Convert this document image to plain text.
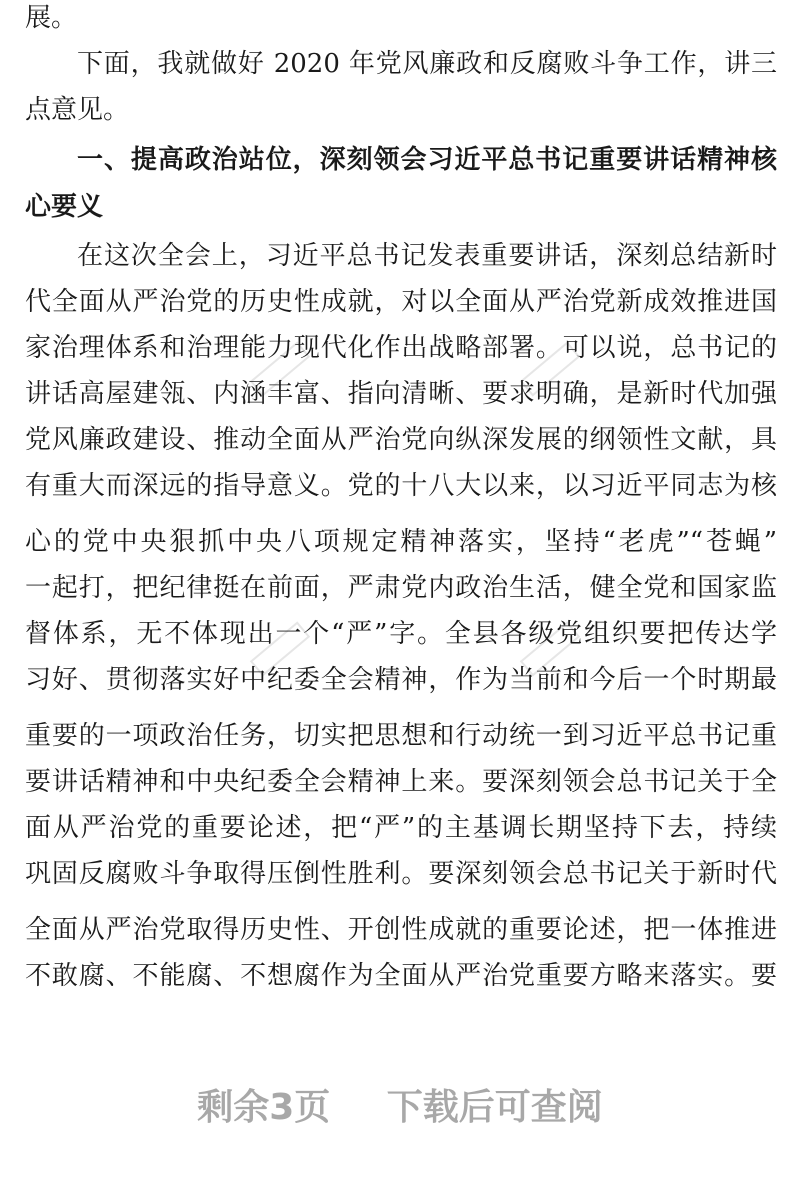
展。
下面，我就做好 2020 年党风廉政和反腐败斗争工作，讲三
点意见。
一、提高政治站位，深刻领会习近平总书记重要讲话精神核
心要义
在这次全会上，习近平总书记发表重要讲话，深刻总结新时
代全面从严治党的历史性成就，对以全面从严治党新成效推进国
家治理体系和治理能力现代化作出战略部署。可以说，总书记的
讲话高屋建瓴、内涵丰富、指向清晰、要求明确，是新时代加强
党风廉政建设、推动全面从严治党向纵深发展的纲领性文献，具
有重大而深远的指导意义。党的十八大以来，以习近平同志为核
心的党中央狠抓中央八项规定精神落实，坚持“老虎”“苍蝇”
一起打，把纪律挺在前面，严肃党内政治生活，健全党和国家监
督体系，无不体现出一个“严”字。全县各级党组织要把传达学
习好、贯彻落实好中纪委全会精神，作为当前和今后一个时期最
重要的一项政治任务，切实把思想和行动统一到习近平总书记重
要讲话精神和中央纪委全会精神上来。要深刻领会总书记关于全
面从严治党的重要论述，把“严”的主基调长期坚持下去，持续
巩固反腐败斗争取得压倒性胜利。要深刻领会总书记关于新时代
全面从严治党取得历史性、开创性成就的重要论述，把一体推进
不敢腐、不能腐、不想腐作为全面从严治党重要方略来落实。要
剩余3页 下载后可查阅
